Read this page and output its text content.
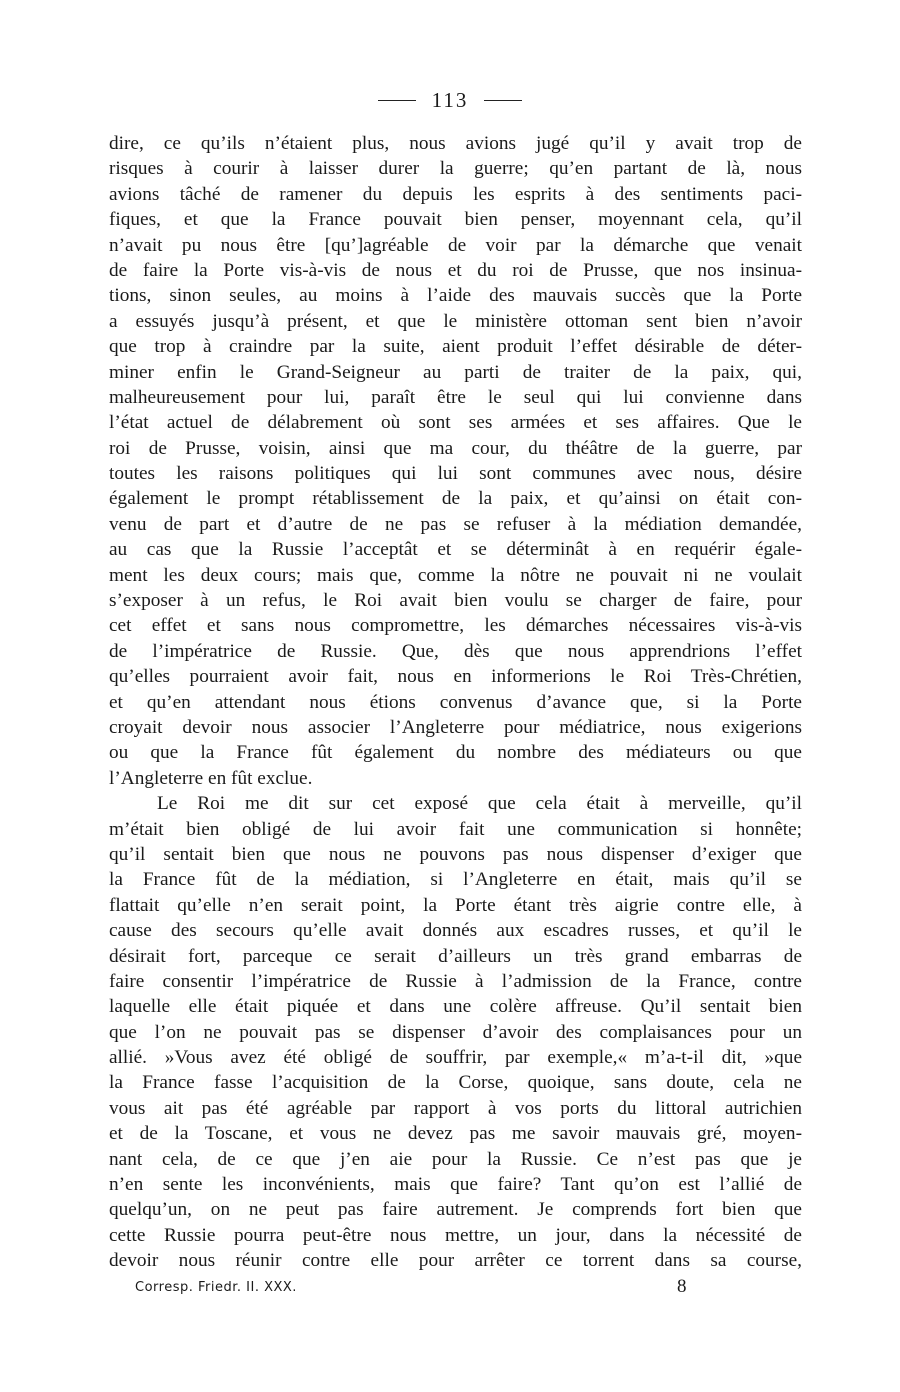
113
dire, ce qu’ils n’étaient plus, nous avions jugé qu’il y avait trop de
risques à courir à laisser durer la guerre; qu’en partant de là, nous
avions tâché de ramener du depuis les esprits à des sentiments paci-
fiques, et que la France pouvait bien penser, moyennant cela, qu’il
n’avait pu nous être [qu’]agréable de voir par la démarche que venait
de faire la Porte vis-à-vis de nous et du roi de Prusse, que nos insinua-
tions, sinon seules, au moins à l’aide des mauvais succès que la Porte
a essuyés jusqu’à présent, et que le ministère ottoman sent bien n’avoir
que trop à craindre par la suite, aient produit l’effet désirable de déter-
miner enfin le Grand-Seigneur au parti de traiter de la paix, qui,
malheureusement pour lui, paraît être le seul qui lui convienne dans
l’état actuel de délabrement où sont ses armées et ses affaires. Que le
roi de Prusse, voisin, ainsi que ma cour, du théâtre de la guerre, par
toutes les raisons politiques qui lui sont communes avec nous, désire
également le prompt rétablissement de la paix, et qu’ainsi on était con-
venu de part et d’autre de ne pas se refuser à la médiation demandée,
au cas que la Russie l’acceptât et se déterminât à en requérir égale-
ment les deux cours; mais que, comme la nôtre ne pouvait ni ne voulait
s’exposer à un refus, le Roi avait bien voulu se charger de faire, pour
cet effet et sans nous compromettre, les démarches nécessaires vis-à-vis
de l’impératrice de Russie. Que, dès que nous apprendrions l’effet
qu’elles pourraient avoir fait, nous en informerions le Roi Très-Chrétien,
et qu’en attendant nous étions convenus d’avance que, si la Porte
croyait devoir nous associer l’Angleterre pour médiatrice, nous exigerions
ou que la France fût également du nombre des médiateurs ou que
l’Angleterre en fût exclue.
Le Roi me dit sur cet exposé que cela était à merveille, qu’il
m’était bien obligé de lui avoir fait une communication si honnête;
qu’il sentait bien que nous ne pouvons pas nous dispenser d’exiger que
la France fût de la médiation, si l’Angleterre en était, mais qu’il se
flattait qu’elle n’en serait point, la Porte étant très aigrie contre elle, à
cause des secours qu’elle avait donnés aux escadres russes, et qu’il le
désirait fort, parceque ce serait d’ailleurs un très grand embarras de
faire consentir l’impératrice de Russie à l’admission de la France, contre
laquelle elle était piquée et dans une colère affreuse. Qu’il sentait bien
que l’on ne pouvait pas se dispenser d’avoir des complaisances pour un
allié. »Vous avez été obligé de souffrir, par exemple,« m’a-t-il dit, »que
la France fasse l’acquisition de la Corse, quoique, sans doute, cela ne
vous ait pas été agréable par rapport à vos ports du littoral autrichien
et de la Toscane, et vous ne devez pas me savoir mauvais gré, moyen-
nant cela, de ce que j’en aie pour la Russie. Ce n’est pas que je
n’en sente les inconvénients, mais que faire? Tant qu’on est l’allié de
quelqu’un, on ne peut pas faire autrement. Je comprends fort bien que
cette Russie pourra peut-être nous mettre, un jour, dans la nécessité de
devoir nous réunir contre elle pour arrêter ce torrent dans sa course,
Corresp. Friedr. II. XXX.	8
